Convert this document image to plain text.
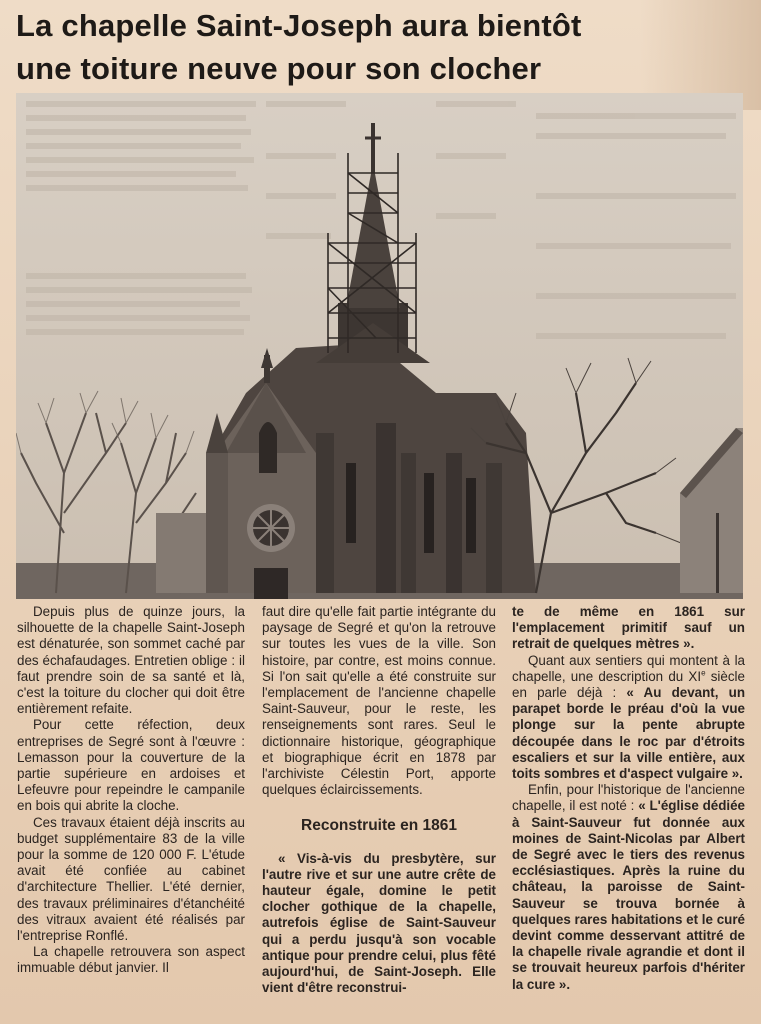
La chapelle Saint-Joseph aura bientôt
une toiture neuve pour son clocher

Depuis plus de quinze jours, la silhouette de la chapelle Saint-Joseph est dénaturée, son sommet caché par des échafaudages. Entretien oblige : il faut prendre soin de sa santé et là, c'est la toiture du clocher qui doit être entièrement refaite.

Pour cette réfection, deux entreprises de Segré sont à l'œuvre : Lemasson pour la couverture de la partie supérieure en ardoises et Lefeuvre pour repeindre le campanile en bois qui abrite la cloche.

Ces travaux étaient déjà inscrits au budget supplémentaire 83 de la ville pour la somme de 120 000 F. L'étude avait été confiée au cabinet d'architecture Thellier. L'été dernier, des travaux préliminaires d'étanchéité des vitraux avaient été réalisés par l'entreprise Ronflé.

La chapelle retrouvera son aspect immuable début janvier. Il

faut dire qu'elle fait partie intégrante du paysage de Segré et qu'on la retrouve sur toutes les vues de la ville. Son histoire, par contre, est moins connue. Si l'on sait qu'elle a été construite sur l'emplacement de l'ancienne chapelle Saint-Sauveur, pour le reste, les renseignements sont rares. Seul le dictionnaire historique, géographique et biographique écrit en 1878 par l'archiviste Célestin Port, apporte quelques éclaircissements.

Reconstruite en 1861

« Vis-à-vis du presbytère, sur l'autre rive et sur une autre crête de hauteur égale, domine le petit clocher gothique de la chapelle, autrefois église de Saint-Sauveur qui a perdu jusqu'à son vocable antique pour prendre celui, plus fêté aujourd'hui, de Saint-Joseph. Elle vient d'être reconstrui-

te de même en 1861 sur l'emplacement primitif sauf un retrait de quelques mètres ».

Quant aux sentiers qui montent à la chapelle, une description du XIe siècle en parle déjà : « Au devant, un parapet borde le préau d'où la vue plonge sur la pente abrupte découpée dans le roc par d'étroits escaliers et sur la ville entière, aux toits sombres et d'aspect vulgaire ».

Enfin, pour l'historique de l'ancienne chapelle, il est noté : « L'église dédiée à Saint-Sauveur fut donnée aux moines de Saint-Nicolas par Albert de Segré avec le tiers des revenus ecclésiastiques. Après la ruine du château, la paroisse de Saint-Sauveur se trouva bornée à quelques rares habitations et le curé devint comme desservant attitré de la chapelle rivale agrandie et dont il se trouvait heureux parfois d'hériter la cure ».
